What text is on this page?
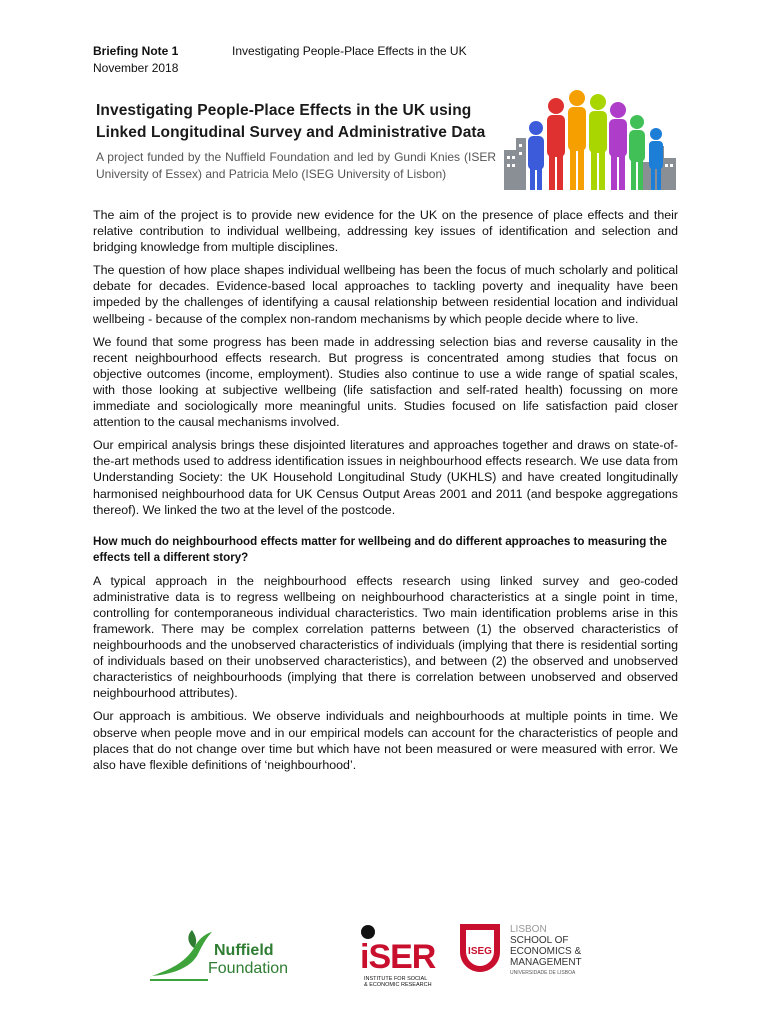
Briefing Note 1
November 2018
Investigating People-Place Effects in the UK
Investigating People-Place Effects in the UK using
Linked Longitudinal Survey and Administrative Data
A project funded by the Nuffield Foundation and led by Gundi Knies (ISER University of Essex) and Patricia Melo (ISEG University of Lisbon)

The aim of the project is to provide new evidence for the UK on the presence of place effects and their relative contribution to individual wellbeing, addressing key issues of identification and selection and bridging knowledge from multiple disciplines.

The question of how place shapes individual wellbeing has been the focus of much scholarly and political debate for decades. Evidence-based local approaches to tackling poverty and inequality have been impeded by the challenges of identifying a causal relationship between residential location and individual wellbeing - because of the complex non-random mechanisms by which people decide where to live.

We found that some progress has been made in addressing selection bias and reverse causality in the recent neighbourhood effects research. But progress is concentrated among studies that focus on objective outcomes (income, employment). Studies also continue to use a wide range of spatial scales, with those looking at subjective wellbeing (life satisfaction and self-rated health) focussing on more immediate and sociologically more meaningful units. Studies focused on life satisfaction paid closer attention to the causal mechanisms involved.

Our empirical analysis brings these disjointed literatures and approaches together and draws on state-of-the-art methods used to address identification issues in neighbourhood effects research. We use data from Understanding Society: the UK Household Longitudinal Study (UKHLS) and have created longitudinally harmonised neighbourhood data for UK Census Output Areas 2001 and 2011 (and bespoke aggregations thereof). We linked the two at the level of the postcode.

How much do neighbourhood effects matter for wellbeing and do different approaches to measuring the effects tell a different story?

A typical approach in the neighbourhood effects research using linked survey and geo-coded administrative data is to regress wellbeing on neighbourhood characteristics at a single point in time, controlling for contemporaneous individual characteristics. Two main identification problems arise in this framework. There may be complex correlation patterns between (1) the observed characteristics of neighbourhoods and the unobserved characteristics of individuals (implying that there is residential sorting of individuals based on their unobserved characteristics), and between (2) the observed and unobserved characteristics of neighbourhoods (implying that there is correlation between unobserved and observed neighbourhood attributes).

Our approach is ambitious. We observe individuals and neighbourhoods at multiple points in time. We observe when people move and in our empirical models can account for the characteristics of people and places that do not change over time but which have not been measured or were measured with error. We also have flexible definitions of ‘neighbourhood’.

Nuffield
Foundation iSER
INSTITUTE FOR SOCIAL
& ECONOMIC RESEARCH
ISEG
LISBON
SCHOOL OF
ECONOMICS &
MANAGEMENT
UNIVERSIDADE DE LISBOA
